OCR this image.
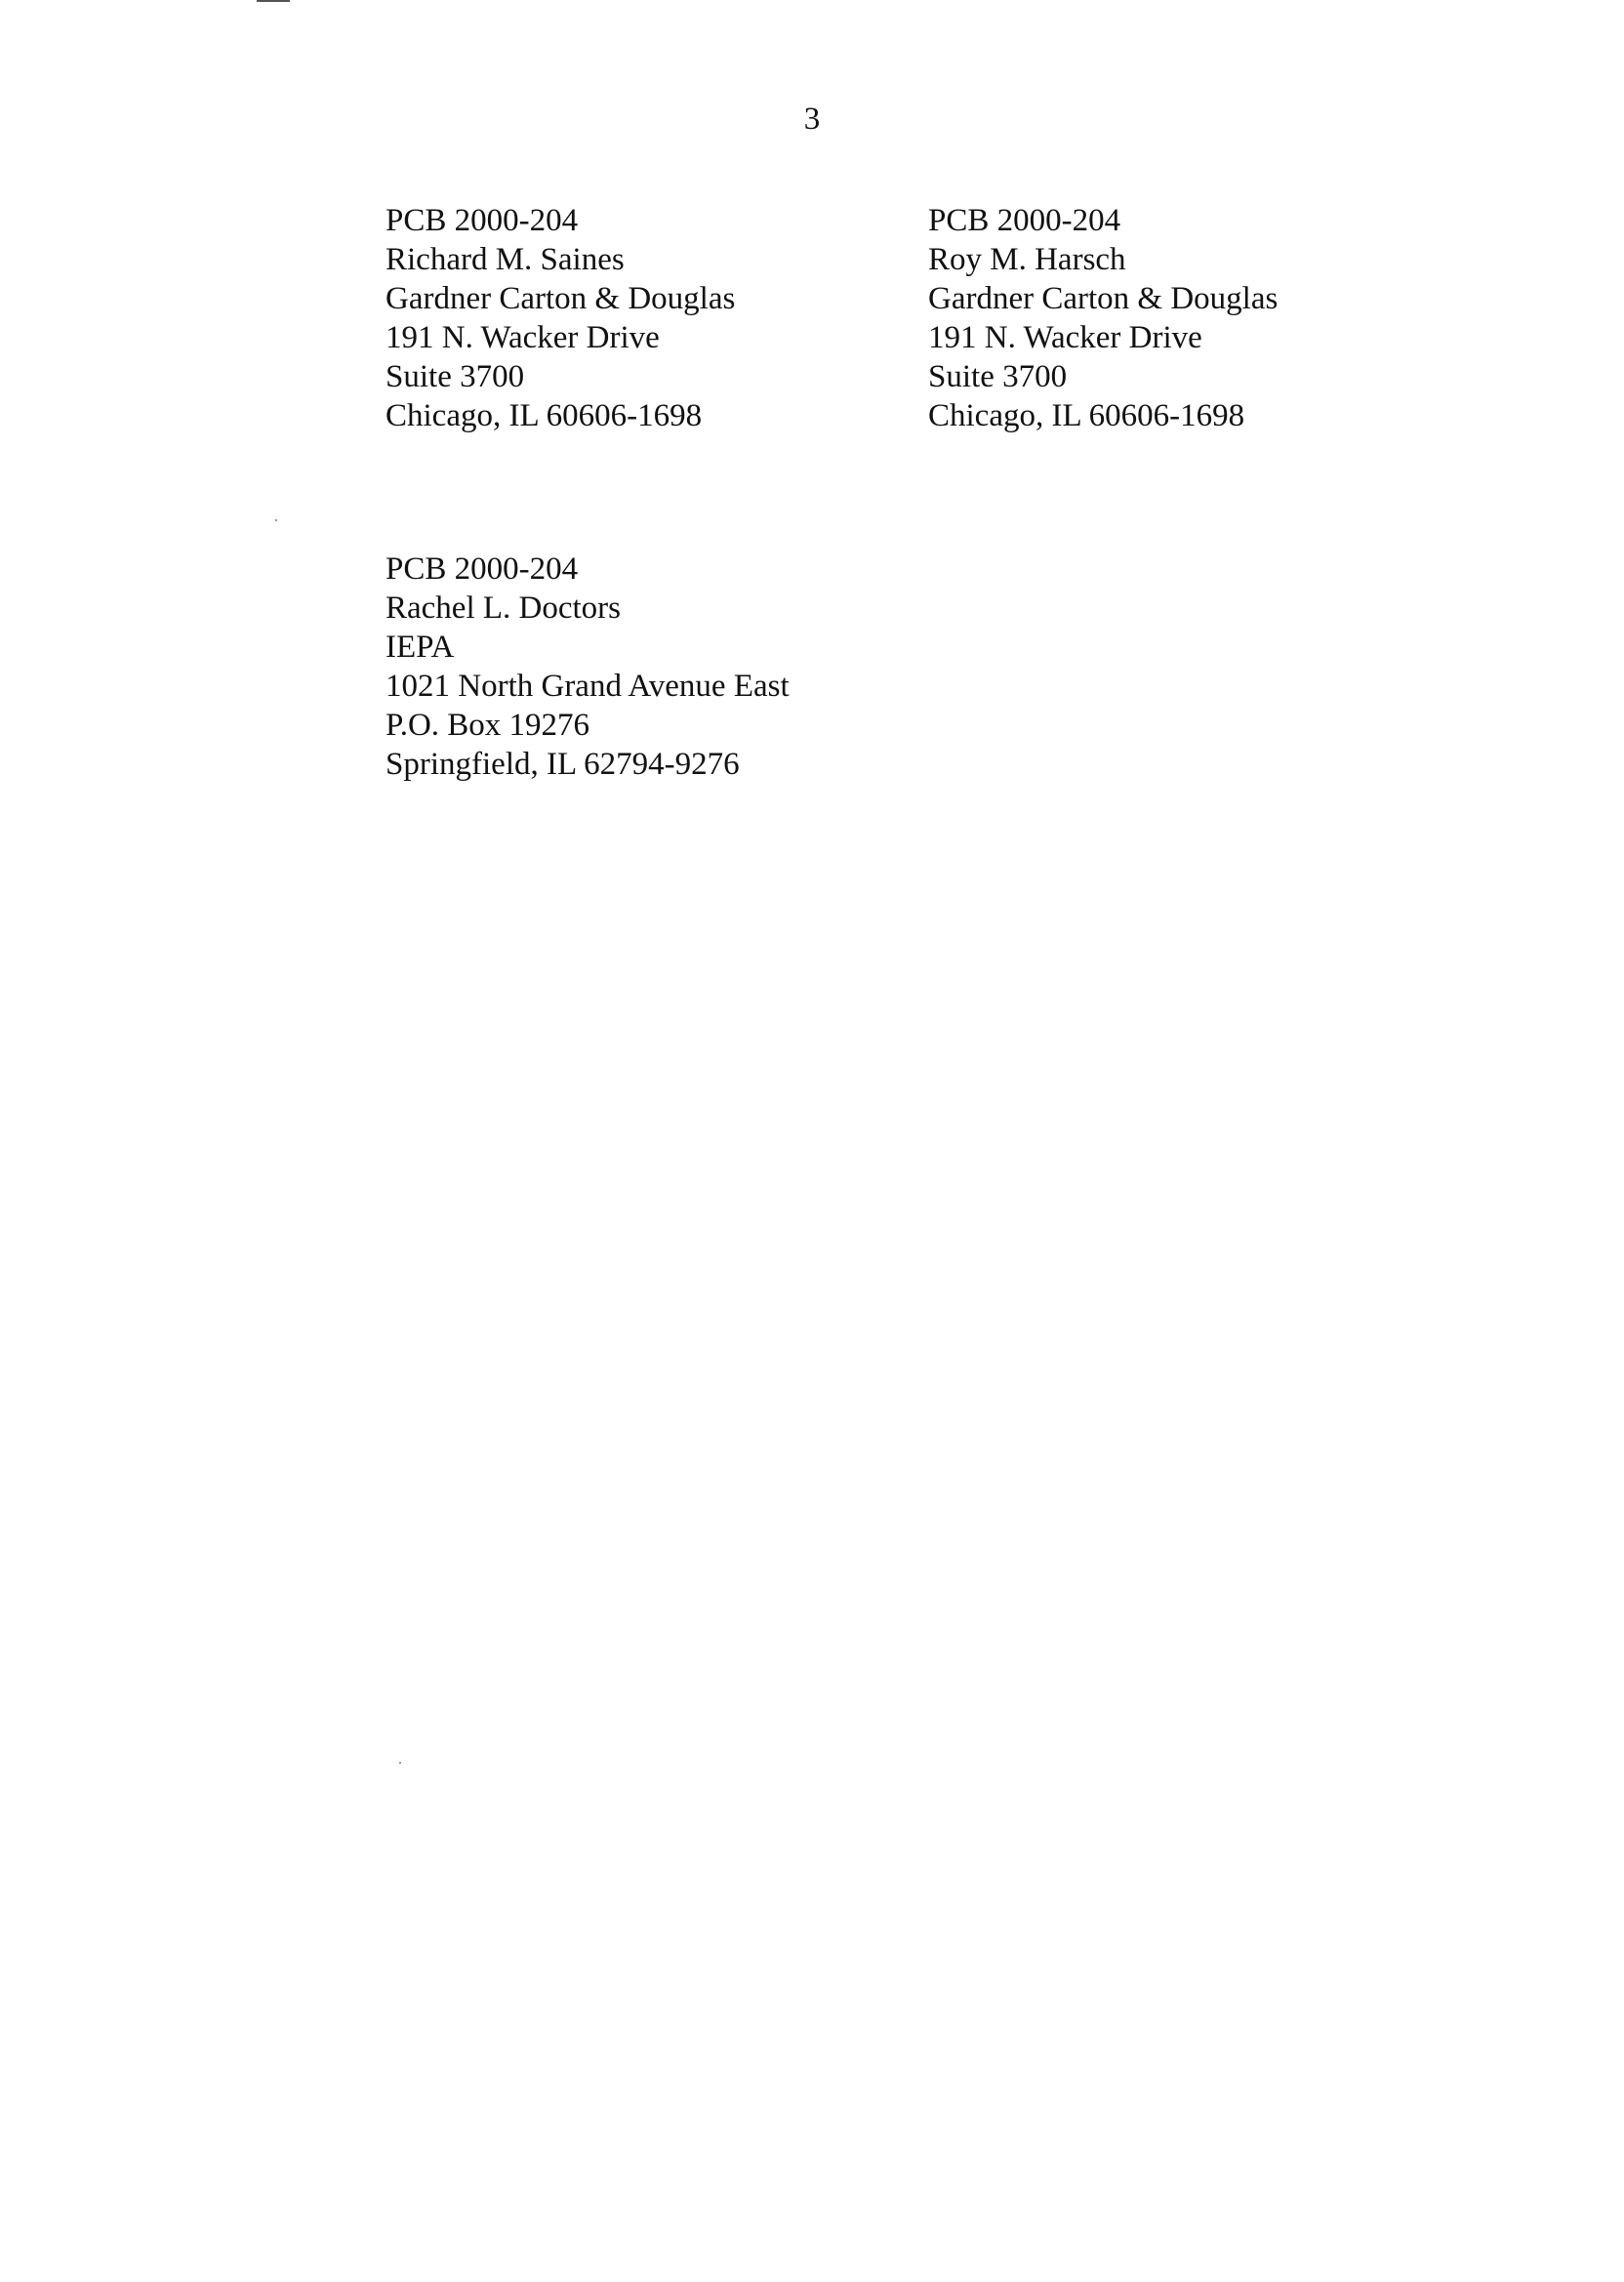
3
PCB 2000-204
Richard M. Saines
Gardner Carton & Douglas
191 N. Wacker Drive
Suite 3700
Chicago, IL 60606-1698
PCB 2000-204
Roy M. Harsch
Gardner Carton & Douglas
191 N. Wacker Drive
Suite 3700
Chicago, IL 60606-1698
PCB 2000-204
Rachel L. Doctors
IEPA
1021 North Grand Avenue East
P.O. Box 19276
Springfield, IL 62794-9276
